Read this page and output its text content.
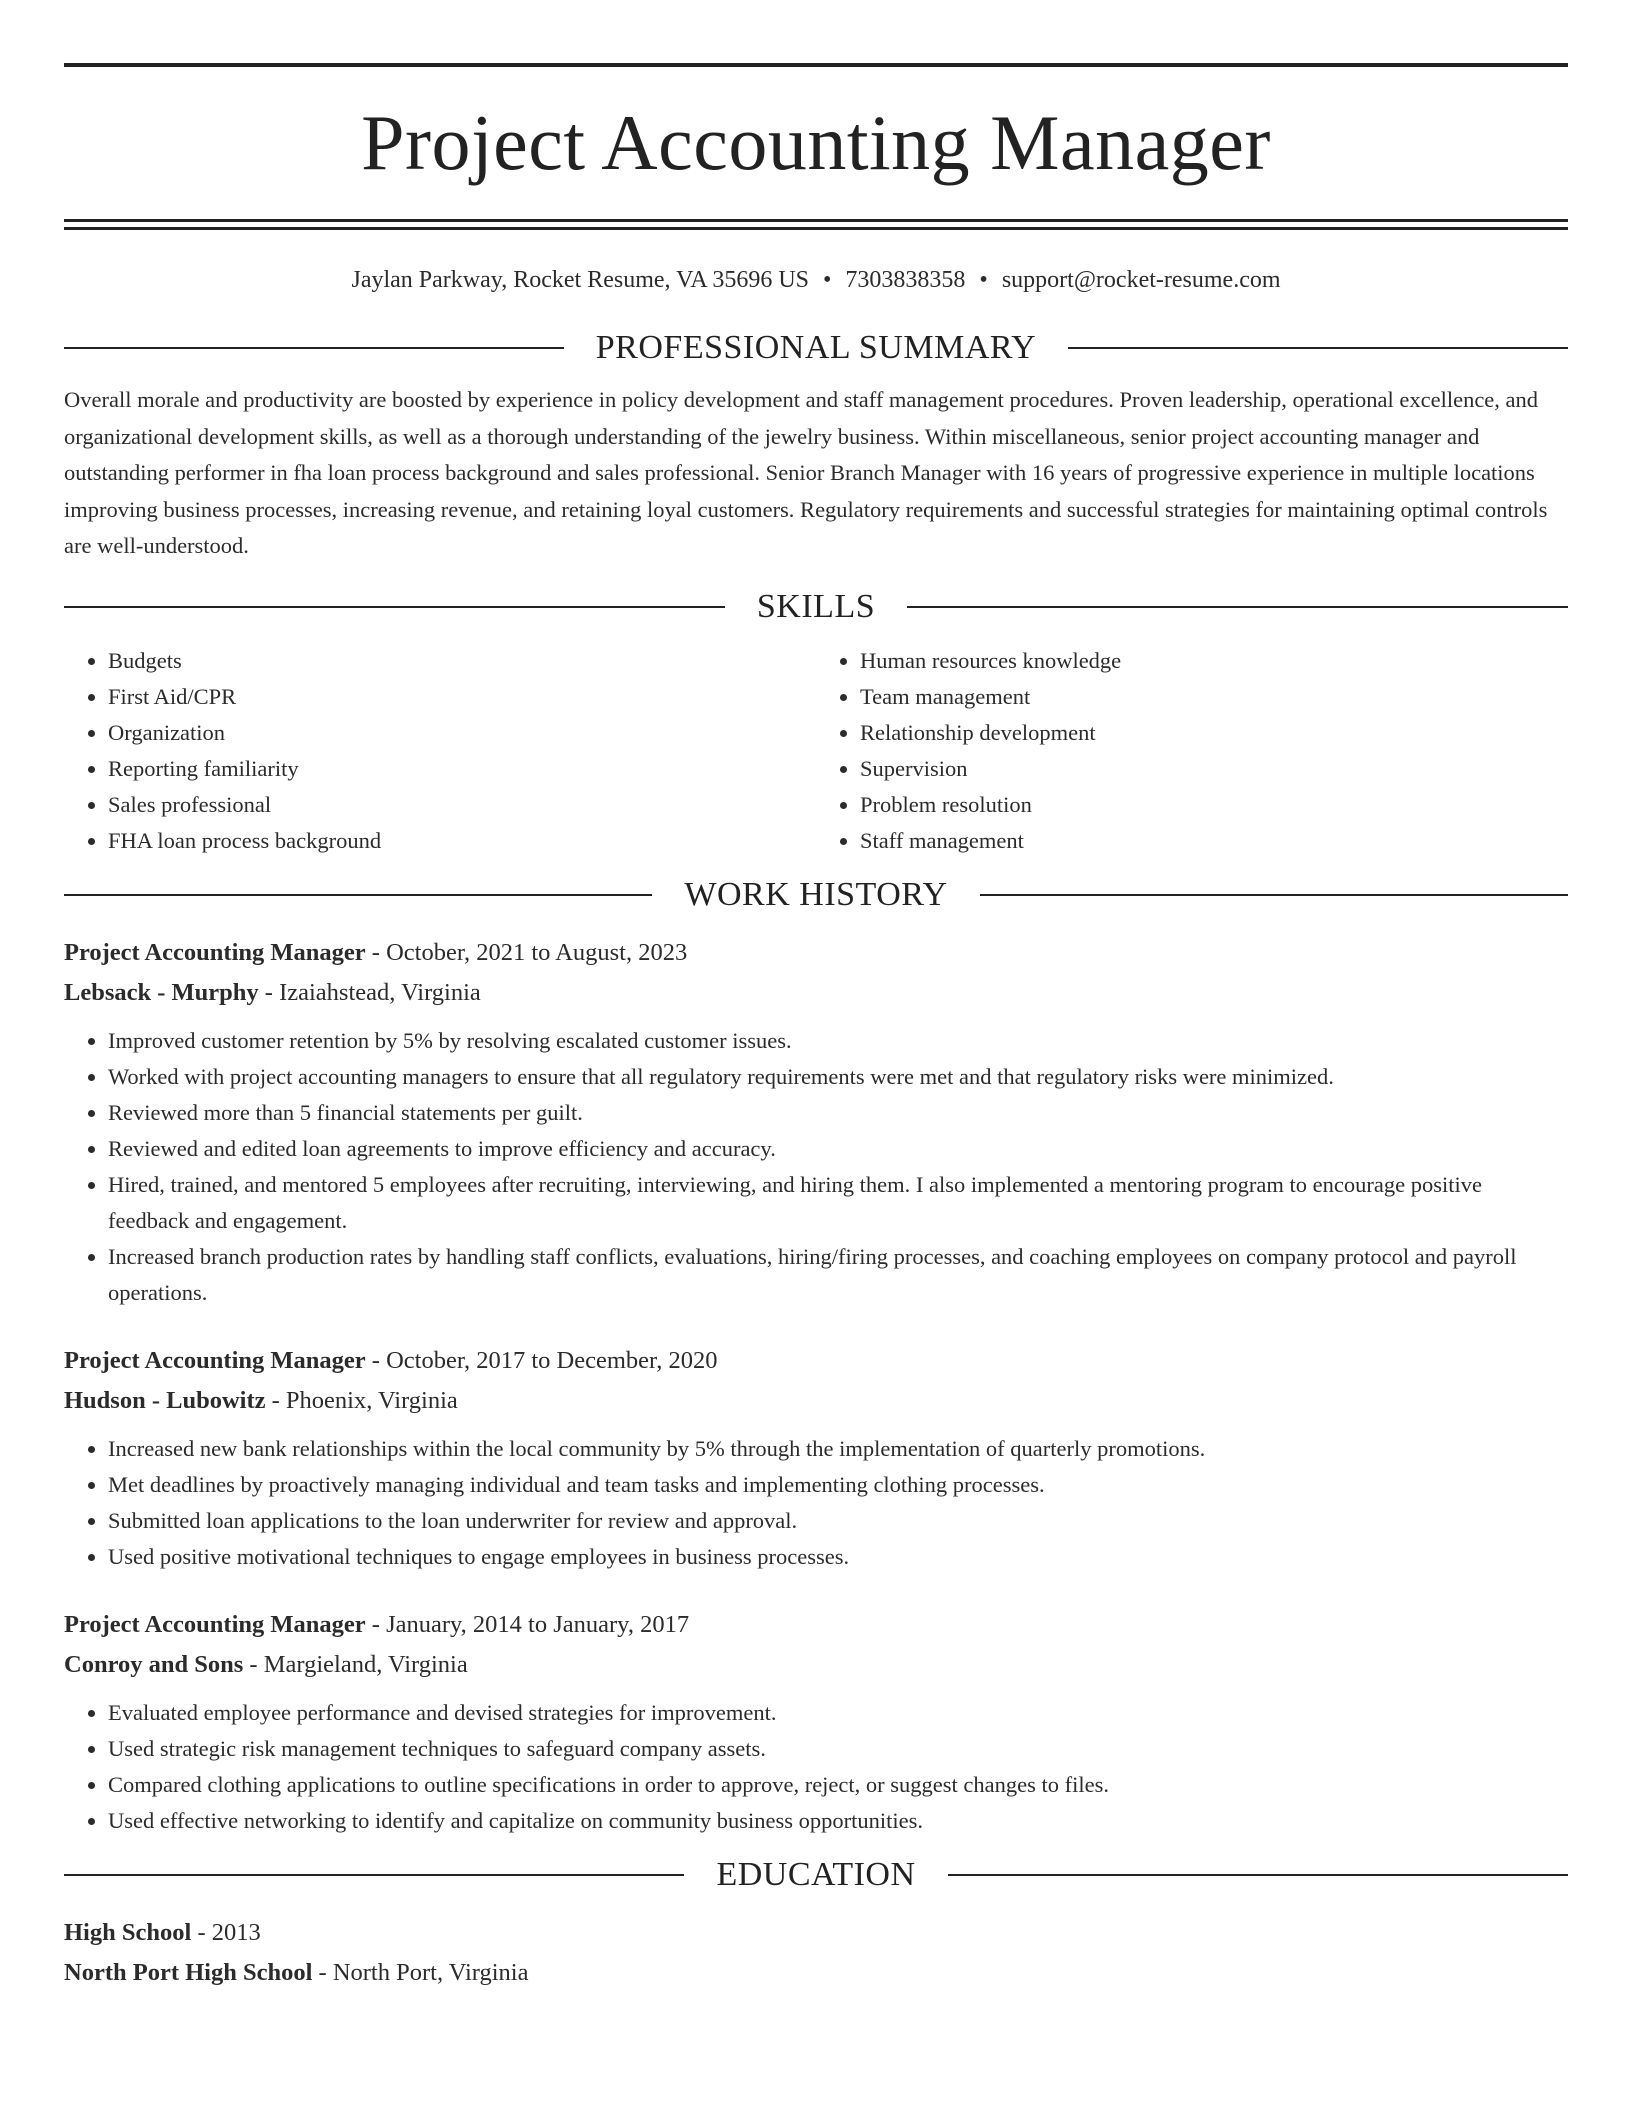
Project Accounting Manager
Jaylan Parkway, Rocket Resume, VA 35696 US • 7303838358 • support@rocket-resume.com
PROFESSIONAL SUMMARY
Overall morale and productivity are boosted by experience in policy development and staff management procedures. Proven leadership, operational excellence, and organizational development skills, as well as a thorough understanding of the jewelry business. Within miscellaneous, senior project accounting manager and outstanding performer in fha loan process background and sales professional. Senior Branch Manager with 16 years of progressive experience in multiple locations improving business processes, increasing revenue, and retaining loyal customers. Regulatory requirements and successful strategies for maintaining optimal controls are well-understood.
SKILLS
• Budgets
• First Aid/CPR
• Organization
• Reporting familiarity
• Sales professional
• FHA loan process background
• Human resources knowledge
• Team management
• Relationship development
• Supervision
• Problem resolution
• Staff management
WORK HISTORY
Project Accounting Manager - October, 2021 to August, 2023
Lebsack - Murphy - Izaiahstead, Virginia
• Improved customer retention by 5% by resolving escalated customer issues.
• Worked with project accounting managers to ensure that all regulatory requirements were met and that regulatory risks were minimized.
• Reviewed more than 5 financial statements per guilt.
• Reviewed and edited loan agreements to improve efficiency and accuracy.
• Hired, trained, and mentored 5 employees after recruiting, interviewing, and hiring them. I also implemented a mentoring program to encourage positive feedback and engagement.
• Increased branch production rates by handling staff conflicts, evaluations, hiring/firing processes, and coaching employees on company protocol and payroll operations.
Project Accounting Manager - October, 2017 to December, 2020
Hudson - Lubowitz - Phoenix, Virginia
• Increased new bank relationships within the local community by 5% through the implementation of quarterly promotions.
• Met deadlines by proactively managing individual and team tasks and implementing clothing processes.
• Submitted loan applications to the loan underwriter for review and approval.
• Used positive motivational techniques to engage employees in business processes.
Project Accounting Manager - January, 2014 to January, 2017
Conroy and Sons - Margieland, Virginia
• Evaluated employee performance and devised strategies for improvement.
• Used strategic risk management techniques to safeguard company assets.
• Compared clothing applications to outline specifications in order to approve, reject, or suggest changes to files.
• Used effective networking to identify and capitalize on community business opportunities.
EDUCATION
High School - 2013
North Port High School - North Port, Virginia
